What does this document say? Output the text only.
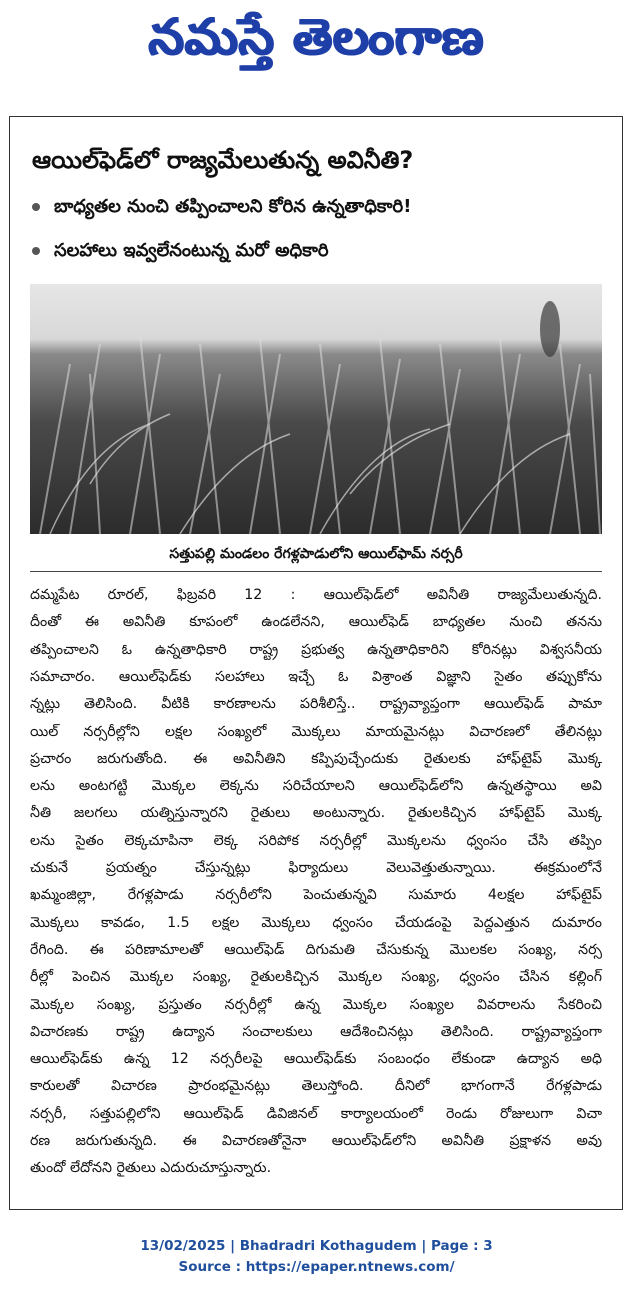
నమస్తే తెలంగాణ
ఆయిల్‌ఫెడ్‌లో రాజ్యమేలుతున్న అవినీతి?
బాధ్యతల నుంచి తప్పించాలని కోరిన ఉన్నతాధికారి!
సలహాలు ఇవ్వలేనంటున్న మరో అధికారి
సత్తుపల్లి మండలం రేగళ్లపాడులోని ఆయిల్‌ఫామ్ నర్సరీ
దమ్మపేట రూరల్, ఫిబ్రవరి 12 : ఆయిల్‌ఫెడ్‌లో అవినీతి రాజ్యమేలుతున్నది.
దీంతో ఈ అవినీతి కూపంలో ఉండలేనని, ఆయిల్‌ఫెడ్ బాధ్యతల నుంచి తనను
తప్పించాలని ఓ ఉన్నతాధికారి రాష్ట్ర ప్రభుత్వ ఉన్నతాధికారిని కోరినట్లు విశ్వసనీయ
సమాచారం. ఆయిల్‌ఫెడ్‌కు సలహాలు ఇచ్చే ఓ విశ్రాంత విజ్ఞాని సైతం తప్పుకోను
న్నట్లు తెలిసింది. వీటికి కారణాలను పరిశీలిస్తే.. రాష్ట్రవ్యాప్తంగా ఆయిల్‌ఫెడ్ పామా
యిల్ నర్సరీల్లోని లక్షల సంఖ్యలో మొక్కలు మాయమైనట్లు విచారణలో తేలినట్లు
ప్రచారం జరుగుతోంది. ఈ అవినీతిని కప్పిపుచ్చేందుకు రైతులకు హాఫ్‌టైప్ మొక్క
లను అంటగట్టి మొక్కల లెక్కను సరిచేయాలని ఆయిల్‌ఫెడ్‌లోని ఉన్నతస్థాయి అవి
నీతి జలగలు యత్నిస్తున్నారని రైతులు అంటున్నారు. రైతులకిచ్చిన హాఫ్‌టైప్ మొక్క
లను సైతం లెక్కచూపినా లెక్క సరిపోక నర్సరీల్లో మొక్కలను ధ్వంసం చేసి తప్పిం
చుకునే ప్రయత్నం చేస్తున్నట్లు ఫిర్యాదులు వెలువెత్తుతున్నాయి. ఈక్రమంలోనే
ఖమ్మంజిల్లా, రేగళ్లపాడు నర్సరీలోని పెంచుతున్నవి సుమారు 4లక్షల హాఫ్‌టైప్
మొక్కలు కావడం, 1.5 లక్షల మొక్కలు ధ్వంసం చేయడంపై పెద్దఎత్తున దుమారం
రేగింది. ఈ పరిణామాలతో ఆయిల్‌ఫెడ్ దిగుమతి చేసుకున్న మొలకల సంఖ్య, నర్స
రీల్లో పెంచిన మొక్కల సంఖ్య, రైతులకిచ్చిన మొక్కల సంఖ్య, ధ్వంసం చేసిన కల్లింగ్
మొక్కల సంఖ్య, ప్రస్తుతం నర్సరీల్లో ఉన్న మొక్కల సంఖ్యల వివరాలను సేకరించి
విచారణకు రాష్ట్ర ఉద్యాన సంచాలకులు ఆదేశించినట్లు తెలిసింది. రాష్ట్రవ్యాప్తంగా
ఆయిల్‌ఫెడ్‌కు ఉన్న 12 నర్సరీలపై ఆయిల్‌ఫెడ్‌కు సంబంధం లేకుండా ఉద్యాన అధి
కారులతో విచారణ ప్రారంభమైనట్లు తెలుస్తోంది. దీనిలో భాగంగానే రేగళ్లపాడు
నర్సరీ, సత్తుపల్లిలోని ఆయిల్‌ఫెడ్ డివిజినల్ కార్యాలయంలో రెండు రోజులుగా విచా
రణ జరుగుతున్నది. ఈ విచారణతోనైనా ఆయిల్‌ఫెడ్‌లోని అవినీతి ప్రక్షాళన అవు
తుందో లేదోనని రైతులు ఎదురుచూస్తున్నారు.
13/02/2025 | Bhadradri Kothagudem | Page : 3
Source : https://epaper.ntnews.com/
